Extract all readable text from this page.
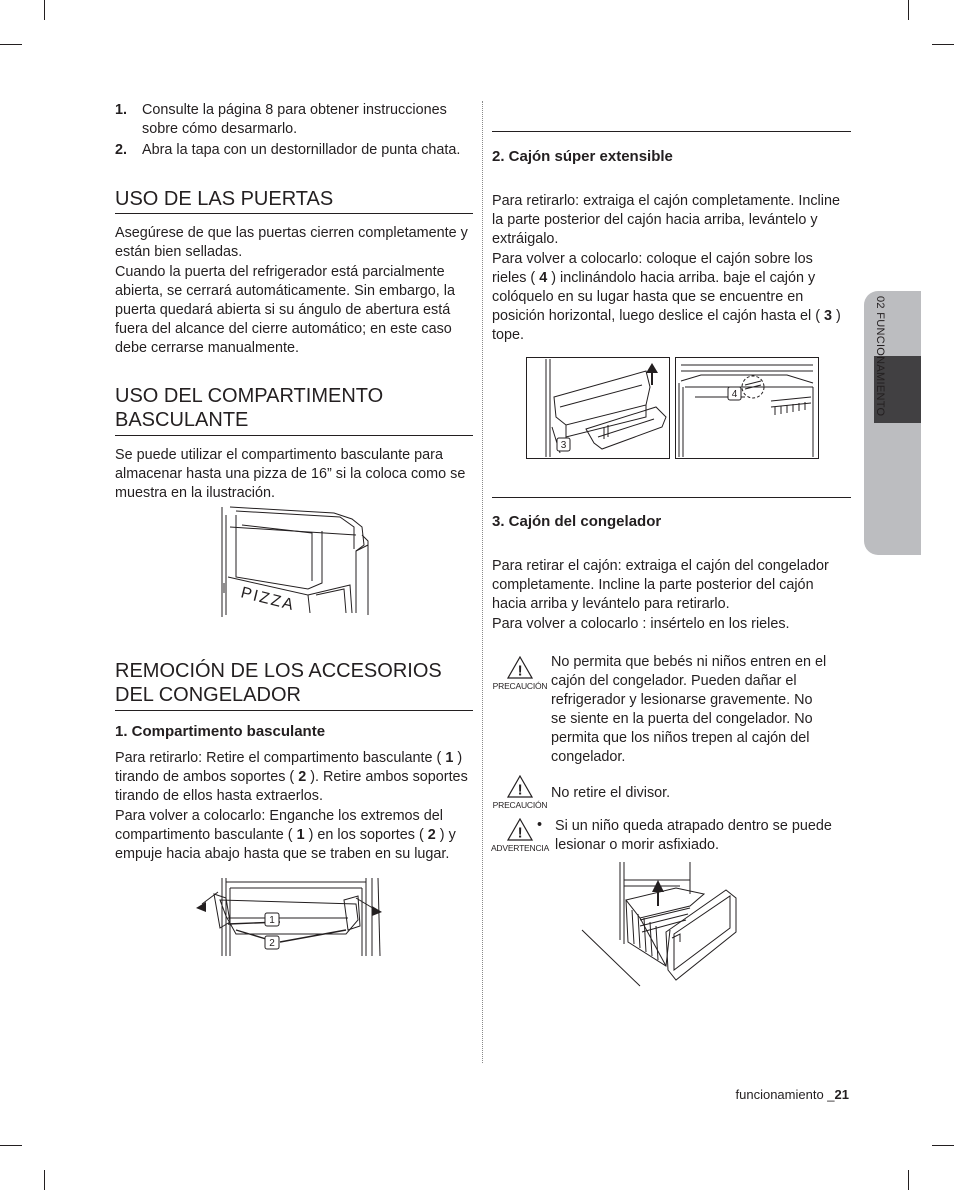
1. Consulte la página 8 para obtener instrucciones sobre cómo desarmarlo.
2. Abra la tapa con un destornillador de punta chata.
USO DE LAS PUERTAS

Asegúrese de que las puertas cierren completamente y están bien selladas.

Cuando la puerta del refrigerador está parcialmente abierta, se cerrará automáticamente. Sin embargo, la puerta quedará abierta si su ángulo de abertura está fuera del alcance del cierre automático; en este caso debe cerrarse manualmente.

USO DEL COMPARTIMENTO BASCULANTE

Se puede utilizar el compartimento basculante para almacenar hasta una pizza de 16” si la coloca como se muestra en la ilustración.

PIZZA
REMOCIÓN DE LOS ACCESORIOS DEL CONGELADOR
1. Compartimento basculante

Para retirarlo: Retire el compartimento basculante ( 1 ) tirando de ambos soportes ( 2 ). Retire ambos soportes tirando de ellos hasta extraerlos.

Para volver a colocarlo: Enganche los extremos del compartimento basculante ( 1 ) en los soportes ( 2 ) y empuje hacia abajo hasta que se traben en su lugar.

1
2
2. Cajón súper extensible

Para retirarlo: extraiga el cajón completamente. Incline la parte posterior del cajón hacia arriba, levántelo y extráigalo.

Para volver a colocarlo: coloque el cajón sobre los rieles ( 4 ) inclinándolo hacia arriba. baje el cajón y colóquelo en su lugar hasta que se encuentre en posición horizontal, luego deslice el cajón hasta el ( 3 ) tope.

3
4
3. Cajón del congelador

Para retirar el cajón: extraiga el cajón del congelador completamente. Incline la parte posterior del cajón hacia arriba y levántelo para retirarlo.

Para volver a colocarlo : insértelo en los rieles.

!
PRECAUCIÓN

No permita que bebés ni niños entren en el cajón del congelador. Pueden dañar el refrigerador y lesionarse gravemente. No se siente en la puerta del congelador. No permita que los niños trepen al cajón del congelador.

!
PRECAUCIÓN

No retire el divisor.

!
ADVERTENCIA
• Si un niño queda atrapado dentro se puede lesionar o morir asfixiado.

02 FUNCIONAMIENTO
funcionamiento _21
